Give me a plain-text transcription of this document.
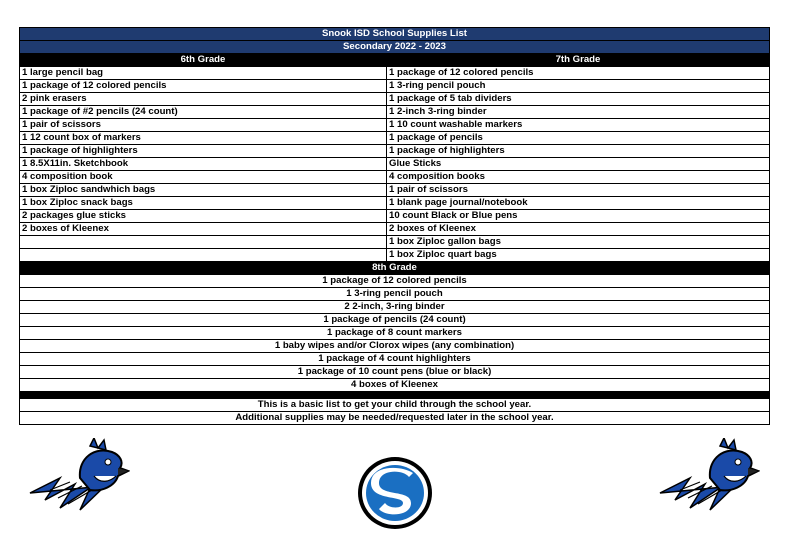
Snook ISD School Supplies List	
Secondary 2022 - 2023	
6th Grade	7th Grade
1 large pencil bag	1 package of 12 colored pencils
1 package of 12 colored pencils	1 3-ring pencil pouch
2 pink erasers	1 package of 5 tab dividers
1 package of #2 pencils (24 count)	1 2-inch 3-ring binder
1 pair of scissors	1 10 count washable markers
1 12 count box of markers	1 package of pencils
1 package of highlighters	1 package of highlighters
1 8.5X11in. Sketchbook	Glue Sticks
4 composition book	4 composition books
1 box Ziploc sandwhich bags	1 pair of scissors
1 box Ziploc snack bags	1 blank page journal/notebook
2 packages glue sticks	10 count Black or Blue pens
2 boxes of Kleenex	2 boxes of Kleenex
	1 box Ziploc gallon bags
	1 box Ziploc quart bags
8th Grade	
1 package of 12 colored pencils	
1 3-ring pencil pouch	
2 2-inch, 3-ring binder	
1 package of pencils (24 count)	
1 package of 8 count markers	
1 baby wipes and/or Clorox wipes (any combination)	
1 package of 4 count highlighters	
1 package of 10 count pens (blue or black)	
4 boxes of Kleenex	

This is a basic list to get your child through the school year.	
Additional supplies may be needed/requested later in the school year.	
